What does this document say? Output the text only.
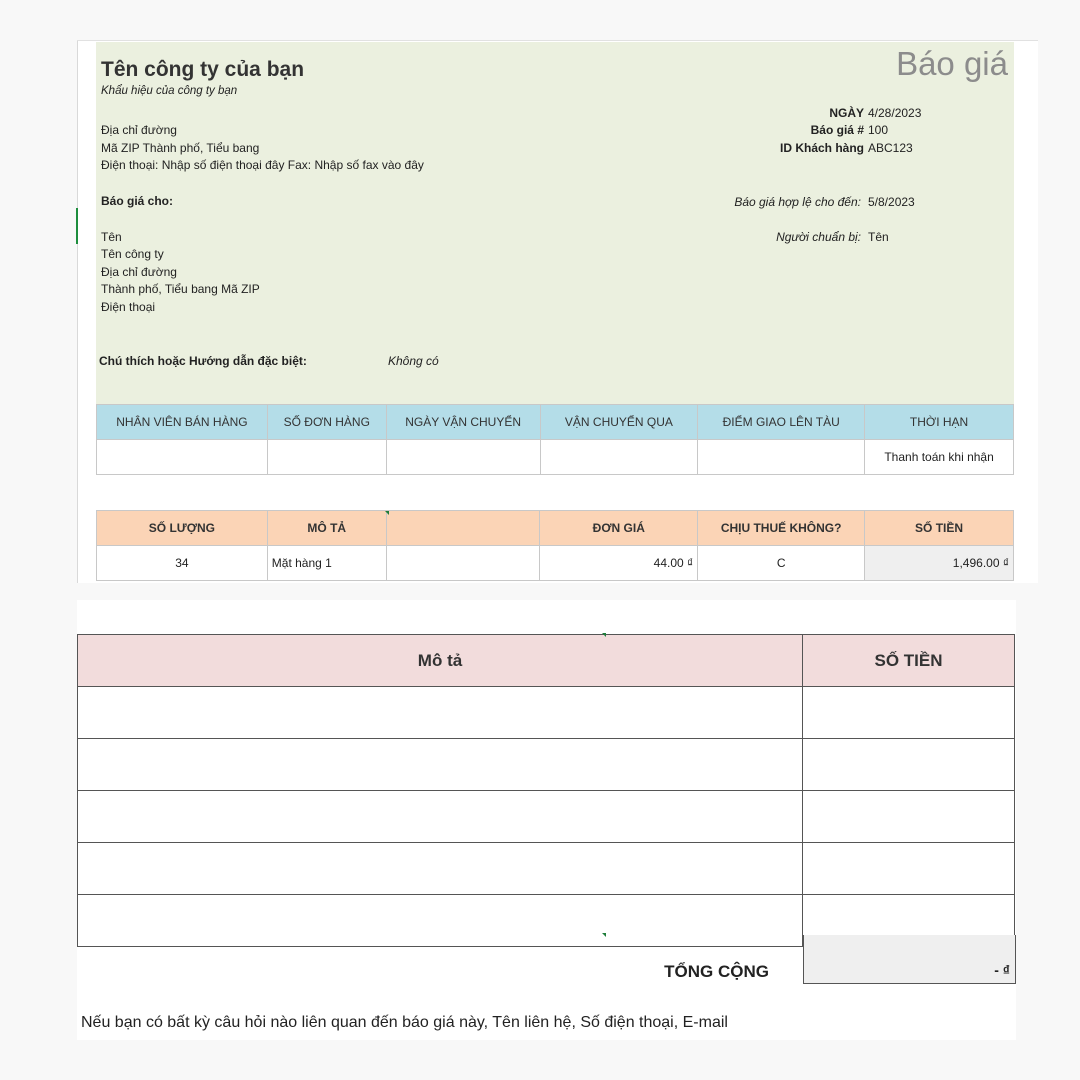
Tên công ty của bạn
Khẩu hiệu của công ty bạn
Báo giá
Địa chỉ đường
Mã ZIP Thành phố, Tiểu bang
Điện thoại: Nhập số điện thoại đây Fax: Nhập số fax vào đây
NGÀY 4/28/2023
Báo giá # 100
ID Khách hàng ABC123
Báo giá cho:	Báo giá hợp lệ cho đến: 5/8/2023
Tên	Người chuẩn bị: Tên
Tên công ty
Địa chỉ đường
Thành phố, Tiểu bang Mã ZIP
Điện thoại
Chú thích hoặc Hướng dẫn đặc biệt:	Không có
NHÂN VIÊN BÁN HÀNG	SỐ ĐƠN HÀNG	NGÀY VẬN CHUYỂN	VẬN CHUYỂN QUA	ĐIỂM GIAO LÊN TÀU	THỜI HẠN
					Thanh toán khi nhận
SỐ LƯỢNG	MÔ TẢ		ĐƠN GIÁ	CHỊU THUẾ KHÔNG?	SỐ TIỀN
34	Mặt hàng 1		44.00 ₫	C	1,496.00 ₫
Mô tả	SỐ TIỀN

TỔNG CỘNG	- ₫
Nếu bạn có bất kỳ câu hỏi nào liên quan đến báo giá này, Tên liên hệ, Số điện thoại, E-mail
